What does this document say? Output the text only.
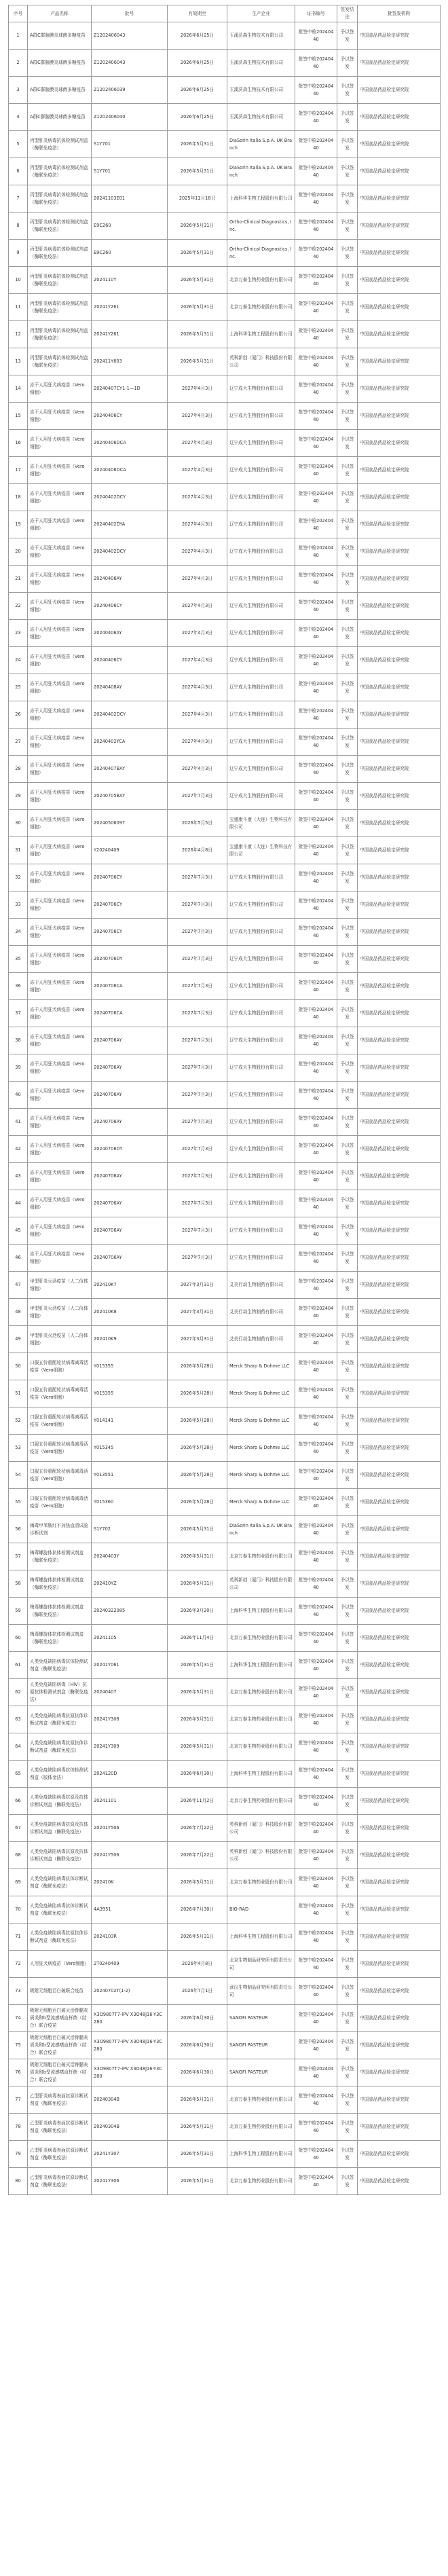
序号	产品名称	批号	有效期至	生产企业	证书编号	签发结论	批签发机构
1	A群C群脑膜炎球菌多糖疫苗	Z1202406043	2026年6月25日	玉溪沃森生物技术有限公司	批签中检20240440	予以签发	中国食品药品检定研究院
2	A群C群脑膜炎球菌多糖疫苗	Z1202406043	2026年6月25日	玉溪沃森生物技术有限公司	批签中检20240440	予以签发	中国食品药品检定研究院
3	A群C群脑膜炎球菌多糖疫苗	Z1202406039	2026年6月25日	玉溪沃森生物技术有限公司	批签中检20240440	予以签发	中国食品药品检定研究院
4	A群C群脑膜炎球菌多糖疫苗	Z1202406040	2026年6月25日	玉溪沃森生物技术有限公司	批签中检20240440	予以签发	中国食品药品检定研究院
5	丙型肝炎病毒抗体检测试剂盒（酶联免疫法）	S1Y701	2026年5月31日	DiaSorin Italia S.p.A. UK Branch	批签中检20240440	予以签发	中国食品药品检定研究院
6	丙型肝炎病毒抗体检测试剂盒（酶联免疫法）	S1Y701	2026年5月31日	DiaSorin Italia S.p.A. UK Branch	批签中检20240440	予以签发	中国食品药品检定研究院
7	丙型肝炎病毒抗体检测试剂盒（酶联免疫法）	20241103E01	2025年11月18日	上海科华生物工程股份有限公司	批签中检20240440	予以签发	中国食品药品检定研究院
8	丙型肝炎病毒抗体检测试剂盒（酶联免疫法）	E9C260	2026年5月31日	Ortho-Clinical Diagnostics, Inc.	批签中检20240440	予以签发	中国食品药品检定研究院
9	丙型肝炎病毒抗体检测试剂盒（酶联免疫法）	E9C260	2026年5月31日	Ortho-Clinical Diagnostics, Inc.	批签中检20240440	予以签发	中国食品药品检定研究院
10	丙型肝炎病毒抗体检测试剂盒（酶联免疫法）	2024110Y	2026年5月31日	北京万泰生物药业股份有限公司	批签中检20240440	予以签发	中国食品药品检定研究院
11	丙型肝炎病毒抗体检测试剂盒（酶联免疫法）	20241Y261	2026年5月31日	北京万泰生物药业股份有限公司	批签中检20240440	予以签发	中国食品药品检定研究院
12	丙型肝炎病毒抗体检测试剂盒（酶联免疫法）	20241Y261	2026年5月31日	上海科华生物工程股份有限公司	批签中检20240440	予以签发	中国食品药品检定研究院
13	丙型肝炎病毒抗体检测试剂盒（酶联免疫法）	202411Y603	2026年5月31日	英科新创（厦门）科技股份有限公司	批签中检20240440	予以签发	中国食品药品检定研究院
14	冻干人用狂犬病疫苗（Vero细胞）	20240407CY1-1—1D	2027年4月3日	辽宁成大生物股份有限公司	批签中检20240440	予以签发	中国食品药品检定研究院
15	冻干人用狂犬病疫苗（Vero细胞）	20240406CY	2027年4月3日	辽宁成大生物股份有限公司	批签中检20240440	予以签发	中国食品药品检定研究院
16	冻干人用狂犬病疫苗（Vero细胞）	20240406DCA	2027年4月3日	辽宁成大生物股份有限公司	批签中检20240440	予以签发	中国食品药品检定研究院
17	冻干人用狂犬病疫苗（Vero细胞）	20240406DCA	2027年4月3日	辽宁成大生物股份有限公司	批签中检20240440	予以签发	中国食品药品检定研究院
18	冻干人用狂犬病疫苗（Vero细胞）	20240402DCY	2027年4月3日	辽宁成大生物股份有限公司	批签中检20240440	予以签发	中国食品药品检定研究院
19	冻干人用狂犬病疫苗（Vero细胞）	20240402DYA	2027年4月3日	辽宁成大生物股份有限公司	批签中检20240440	予以签发	中国食品药品检定研究院
20	冻干人用狂犬病疫苗（Vero细胞）	20240402DCY	2027年4月3日	辽宁成大生物股份有限公司	批签中检20240440	予以签发	中国食品药品检定研究院
21	冻干人用狂犬病疫苗（Vero细胞）	20240406AY	2027年4月3日	辽宁成大生物股份有限公司	批签中检20240440	予以签发	中国食品药品检定研究院
22	冻干人用狂犬病疫苗（Vero细胞）	20240406CY	2027年4月3日	辽宁成大生物股份有限公司	批签中检20240440	予以签发	中国食品药品检定研究院
23	冻干人用狂犬病疫苗（Vero细胞）	20240406AY	2027年4月3日	辽宁成大生物股份有限公司	批签中检20240440	予以签发	中国食品药品检定研究院
24	冻干人用狂犬病疫苗（Vero细胞）	20240406CY	2027年4月3日	辽宁成大生物股份有限公司	批签中检20240440	予以签发	中国食品药品检定研究院
25	冻干人用狂犬病疫苗（Vero细胞）	20240408AY	2027年4月3日	辽宁成大生物股份有限公司	批签中检20240440	予以签发	中国食品药品检定研究院
26	冻干人用狂犬病疫苗（Vero细胞）	20240402DCY	2027年4月3日	辽宁成大生物股份有限公司	批签中检20240440	予以签发	中国食品药品检定研究院
27	冻干人用狂犬病疫苗（Vero细胞）	20240402YCA	2027年4月3日	辽宁成大生物股份有限公司	批签中检20240440	予以签发	中国食品药品检定研究院
28	冻干人用狂犬病疫苗（Vero细胞）	20240407BAY	2027年4月3日	辽宁成大生物股份有限公司	批签中检20240440	予以签发	中国食品药品检定研究院
29	冻干人用狂犬病疫苗（Vero细胞）	20240705BAY	2027年7月3日	辽宁成大生物股份有限公司	批签中检20240440	予以签发	中国食品药品检定研究院
30	冻干人用狂犬病疫苗（Vero细胞）	20240506097	2026年5月5日	宝盛康斗康（大连）生物科技有限公司	批签中检20240440	予以签发	中国食品药品检定研究院
31	冻干人用狂犬病疫苗（Vero细胞）	Y20240409	2026年4月8日	宝盛康斗康（大连）生物科技有限公司	批签中检20240440	予以签发	中国食品药品检定研究院
32	冻干人用狂犬病疫苗（Vero细胞）	20240706CY	2027年7月3日	辽宁成大生物股份有限公司	批签中检20240440	予以签发	中国食品药品检定研究院
33	冻干人用狂犬病疫苗（Vero细胞）	20240706CY	2027年7月3日	辽宁成大生物股份有限公司	批签中检20240440	予以签发	中国食品药品检定研究院
34	冻干人用狂犬病疫苗（Vero细胞）	20240706CY	2027年7月3日	辽宁成大生物股份有限公司	批签中检20240440	予以签发	中国食品药品检定研究院
35	冻干人用狂犬病疫苗（Vero细胞）	20240706DY	2027年7月3日	辽宁成大生物股份有限公司	批签中检20240440	予以签发	中国食品药品检定研究院
36	冻干人用狂犬病疫苗（Vero细胞）	20240706CA	2027年7月3日	辽宁成大生物股份有限公司	批签中检20240440	予以签发	中国食品药品检定研究院
37	冻干人用狂犬病疫苗（Vero细胞）	20240706CA	2027年7月3日	辽宁成大生物股份有限公司	批签中检20240440	予以签发	中国食品药品检定研究院
38	冻干人用狂犬病疫苗（Vero细胞）	20240706AY	2027年7月3日	辽宁成大生物股份有限公司	批签中检20240440	予以签发	中国食品药品检定研究院
39	冻干人用狂犬病疫苗（Vero细胞）	20240706AY	2027年7月3日	辽宁成大生物股份有限公司	批签中检20240440	予以签发	中国食品药品检定研究院
40	冻干人用狂犬病疫苗（Vero细胞）	20240706AY	2027年7月3日	辽宁成大生物股份有限公司	批签中检20240440	予以签发	中国食品药品检定研究院
41	冻干人用狂犬病疫苗（Vero细胞）	20240706AY	2027年7月3日	辽宁成大生物股份有限公司	批签中检20240440	予以签发	中国食品药品检定研究院
42	冻干人用狂犬病疫苗（Vero细胞）	20240706DY	2027年7月3日	辽宁成大生物股份有限公司	批签中检20240440	予以签发	中国食品药品检定研究院
43	冻干人用狂犬病疫苗（Vero细胞）	20240706AY	2027年7月3日	辽宁成大生物股份有限公司	批签中检20240440	予以签发	中国食品药品检定研究院
44	冻干人用狂犬病疫苗（Vero细胞）	20240706AY	2027年7月3日	辽宁成大生物股份有限公司	批签中检20240440	予以签发	中国食品药品检定研究院
45	冻干人用狂犬病疫苗（Vero细胞）	20240706AY	2027年7月3日	辽宁成大生物股份有限公司	批签中检20240440	予以签发	中国食品药品检定研究院
46	冻干人用狂犬病疫苗（Vero细胞）	20240706AY	2027年7月3日	辽宁成大生物股份有限公司	批签中检20240440	予以签发	中国食品药品检定研究院
47	甲型肝炎灭活疫苗（人二倍体细胞）	202410K7	2027年3月31日	艾美行动生物制药有限公司	批签中检20240440	予以签发	中国食品药品检定研究院
48	甲型肝炎灭活疫苗（人二倍体细胞）	202410K8	2027年3月31日	艾美行动生物制药有限公司	批签中检20240440	予以签发	中国食品药品检定研究院
49	甲型肝炎灭活疫苗（人二倍体细胞）	202410K9	2027年3月31日	艾美行动生物制药有限公司	批签中检20240440	予以签发	中国食品药品检定研究院
50	口服五价重配轮状病毒减毒活疫苗（Vero细胞）	Y015355	2026年5月28日	Merck Sharp & Dohme LLC	批签中检20240440	予以签发	中国食品药品检定研究院
51	口服五价重配轮状病毒减毒活疫苗（Vero细胞）	Y015355	2026年5月28日	Merck Sharp & Dohme LLC	批签中检20240440	予以签发	中国食品药品检定研究院
52	口服五价重配轮状病毒减毒活疫苗（Vero细胞）	Y014141	2026年5月28日	Merck Sharp & Dohme LLC	批签中检20240440	予以签发	中国食品药品检定研究院
53	口服五价重配轮状病毒减毒活疫苗（Vero细胞）	Y015345	2026年5月28日	Merck Sharp & Dohme LLC	批签中检20240440	予以签发	中国食品药品检定研究院
54	口服五价重配轮状病毒减毒活疫苗（Vero细胞）	Y013551	2026年5月28日	Merck Sharp & Dohme LLC	批签中检20240440	予以签发	中国食品药品检定研究院
55	口服五价重配轮状病毒减毒活疫苗（Vero细胞）	Y015360	2026年5月28日	Merck Sharp & Dohme LLC	批签中检20240440	予以签发	中国食品药品检定研究院
56	梅毒甲苯胺红不加热血清试验诊断试剂	S1Y702	2026年5月31日	DiaSorin Italia S.p.A. UK Branch	批签中检20240440	予以签发	中国食品药品检定研究院
57	梅毒螺旋体抗体检测试剂盒（酶联免疫法）	20240403Y	2026年5月31日	北京万泰生物药业股份有限公司	批签中检20240440	予以签发	中国食品药品检定研究院
58	梅毒螺旋体抗体检测试剂盒（酶联免疫法）	202410YZ	2026年5月31日	英科新创（厦门）科技股份有限公司	批签中检20240440	予以签发	中国食品药品检定研究院
59	梅毒螺旋体抗体检测试剂盒（酶联免疫法）	20240322085	2026年3月20日	上海科华生物工程股份有限公司	批签中检20240440	予以签发	中国食品药品检定研究院
60	梅毒螺旋体抗体检测试剂盒（酶联免疫法）	20241105	2026年11月4日	北京万泰生物药业股份有限公司	批签中检20240440	予以签发	中国食品药品检定研究院
61	人类免疫缺陷病毒抗体检测试剂盒（酶联免疫法）	20241Y061	2026年5月31日	上海科华生物工程股份有限公司	批签中检20240440	予以签发	中国食品药品检定研究院
62	人类免疫缺陷病毒（HIV）抗原抗体检测试剂盒（酶联免疫法）	20240407	2026年5月31日	北京万泰生物药业股份有限公司	批签中检20240440	予以签发	中国食品药品检定研究院
63	人类免疫缺陷病毒抗原抗体诊断试剂盒（酶联免疫法）	20241Y308	2026年5月31日	北京万泰生物药业股份有限公司	批签中检20240440	予以签发	中国食品药品检定研究院
64	人类免疫缺陷病毒抗原抗体诊断试剂盒（酶联免疫法）	20241Y309	2026年5月31日	北京万泰生物药业股份有限公司	批签中检20240440	予以签发	中国食品药品检定研究院
65	人类免疫缺陷病毒抗体检测试剂盒（胶体金法）	2024120D	2026年6月30日	上海科华生物工程股份有限公司	批签中检20240440	予以签发	中国食品药品检定研究院
66	人类免疫缺陷病毒抗原及抗体诊断试剂盒（酶联免疫法）	20241101	2026年11月2日	北京万泰生物药业股份有限公司	批签中检20240440	予以签发	中国食品药品检定研究院
67	人类免疫缺陷病毒抗原及抗体诊断试剂盒（酶联免疫法）	20241Y506	2026年7月22日	英科新创（厦门）科技股份有限公司	批签中检20240440	予以签发	中国食品药品检定研究院
68	人类免疫缺陷病毒抗原及抗体诊断试剂盒（酶联免疫法）	20241Y506	2026年7月22日	英科新创（厦门）科技股份有限公司	批签中检20240440	予以签发	中国食品药品检定研究院
69	人类免疫缺陷病毒抗体诊断试剂盒（酶联免疫法）	202410K	2026年5月31日	北京万泰生物药业股份有限公司	批签中检20240440	予以签发	中国食品药品检定研究院
70	人类免疫缺陷病毒抗体诊断试剂盒（酶联免疫法）	4A3951	2026年7月30日	BIO-RAD	批签中检20240440	予以签发	中国食品药品检定研究院
71	人类免疫缺陷病毒抗原抗体诊断试剂盒（酶联免疫法）	2024103R	2026年5月31日	上海科华生物工程股份有限公司	批签中检20240440	予以签发	中国食品药品检定研究院
72	人用狂犬病疫苗（Vero细胞）	2T0240409	2026年4月8日	北京生物制品研究所有限责任公司	批签中检20240440	予以签发	中国食品药品检定研究院
73	吸附无细胞百白破联合疫苗	20240702T(1-2)	2026年7月1日	武汉生物制品研究所有限责任公司	批签中检20240440	予以签发	中国食品药品检定研究院
74	吸附无细胞百白破灭活脊髓灰质炎和b型流感嗜血杆菌（结合）联合疫苗	X3O9807T7-IPV X3O48J16-Y3C280	2026年6月30日	SANOFI PASTEUR	批签中检20240440	予以签发	中国食品药品检定研究院
75	吸附无细胞百白破灭活脊髓灰质炎和b型流感嗜血杆菌（结合）联合疫苗	X3O9807T7-IPV X3O48J16-Y3C280	2026年6月30日	SANOFI PASTEUR	批签中检20240440	予以签发	中国食品药品检定研究院
76	吸附无细胞百白破灭活脊髓灰质炎和b型流感嗜血杆菌（结合）联合疫苗	X3O9807T7-IPV X3O48J16-Y3C280	2026年6月30日	SANOFI PASTEUR	批签中检20240440	予以签发	中国食品药品检定研究院
77	乙型肝炎病毒表面抗原诊断试剂盒（酶联免疫法）	20240304B	2026年5月31日	北京万泰生物药业股份有限公司	批签中检20240440	予以签发	中国食品药品检定研究院
78	乙型肝炎病毒表面抗原诊断试剂盒（酶联免疫法）	20240304B	2026年5月31日	北京万泰生物药业股份有限公司	批签中检20240440	予以签发	中国食品药品检定研究院
79	乙型肝炎病毒表面抗原诊断试剂盒（酶联免疫法）	20241Y307	2026年5月31日	上海科华生物工程股份有限公司	批签中检20240440	予以签发	中国食品药品检定研究院
80	乙型肝炎病毒表面抗原诊断试剂盒（酶联免疫法）	20241Y306	2026年5月31日	北京万泰生物药业股份有限公司	批签中检20240440	予以签发	中国食品药品检定研究院
